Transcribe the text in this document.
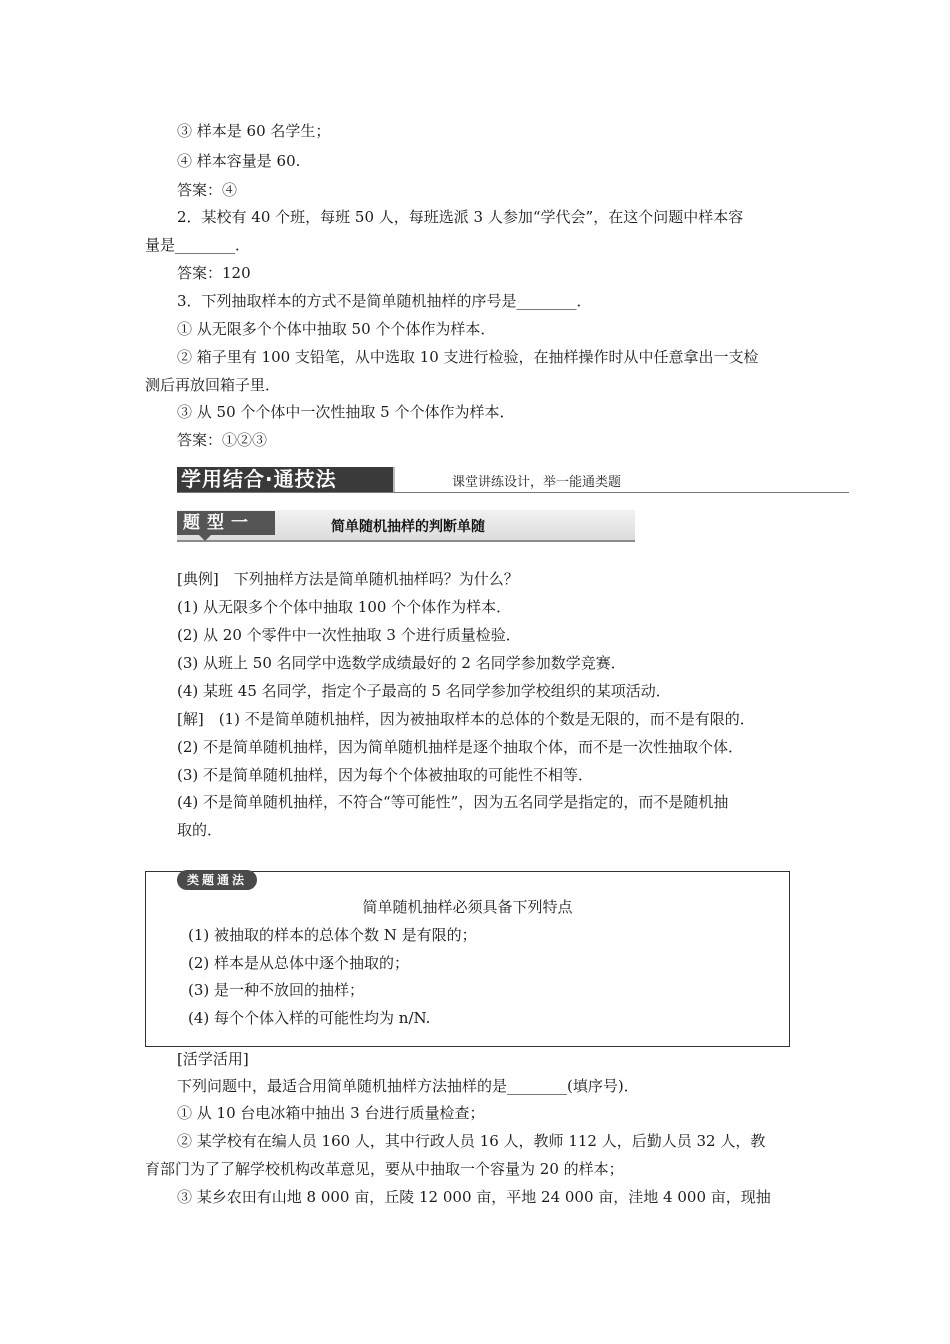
③ 样本是 60 名学生；
④ 样本容量是 60.
答案：④
2．某校有 40 个班，每班 50 人，每班选派 3 人参加“学代会”，在这个问题中样本容
量是________．
答案：120
3．下列抽取样本的方式不是简单随机抽样的序号是________．
① 从无限多个个体中抽取 50 个个体作为样本．
② 箱子里有 100 支铅笔，从中选取 10 支进行检验，在抽样操作时从中任意拿出一支检
测后再放回箱子里．
③ 从 50 个个体中一次性抽取 5 个个体作为样本．
答案：①②③
学用结合·通技法	课堂讲练设计，举一能通类题
题型一	简单随机抽样的判断单随
[典例]　下列抽样方法是简单随机抽样吗？为什么？
(1) 从无限多个个体中抽取 100 个个体作为样本．
(2) 从 20 个零件中一次性抽取 3 个进行质量检验．
(3) 从班上 50 名同学中选数学成绩最好的 2 名同学参加数学竞赛．
(4) 某班 45 名同学，指定个子最高的 5 名同学参加学校组织的某项活动．
[解]　(1) 不是简单随机抽样，因为被抽取样本的总体的个数是无限的，而不是有限的．
(2) 不是简单随机抽样，因为简单随机抽样是逐个抽取个体，而不是一次性抽取个体．
(3) 不是简单随机抽样，因为每个个体被抽取的可能性不相等．
(4) 不是简单随机抽样，不符合“等可能性”，因为五名同学是指定的，而不是随机抽
取的．
类题通法
简单随机抽样必须具备下列特点
(1) 被抽取的样本的总体个数 N 是有限的；
(2) 样本是从总体中逐个抽取的；
(3) 是一种不放回的抽样；
(4) 每个个体入样的可能性均为 n/N.
[活学活用]
下列问题中，最适合用简单随机抽样方法抽样的是________(填序号)．
① 从 10 台电冰箱中抽出 3 台进行质量检查；
② 某学校有在编人员 160 人，其中行政人员 16 人，教师 112 人，后勤人员 32 人，教
育部门为了了解学校机构改革意见，要从中抽取一个容量为 20 的样本；
③ 某乡农田有山地 8 000 亩，丘陵 12 000 亩，平地 24 000 亩，洼地 4 000 亩，现抽
